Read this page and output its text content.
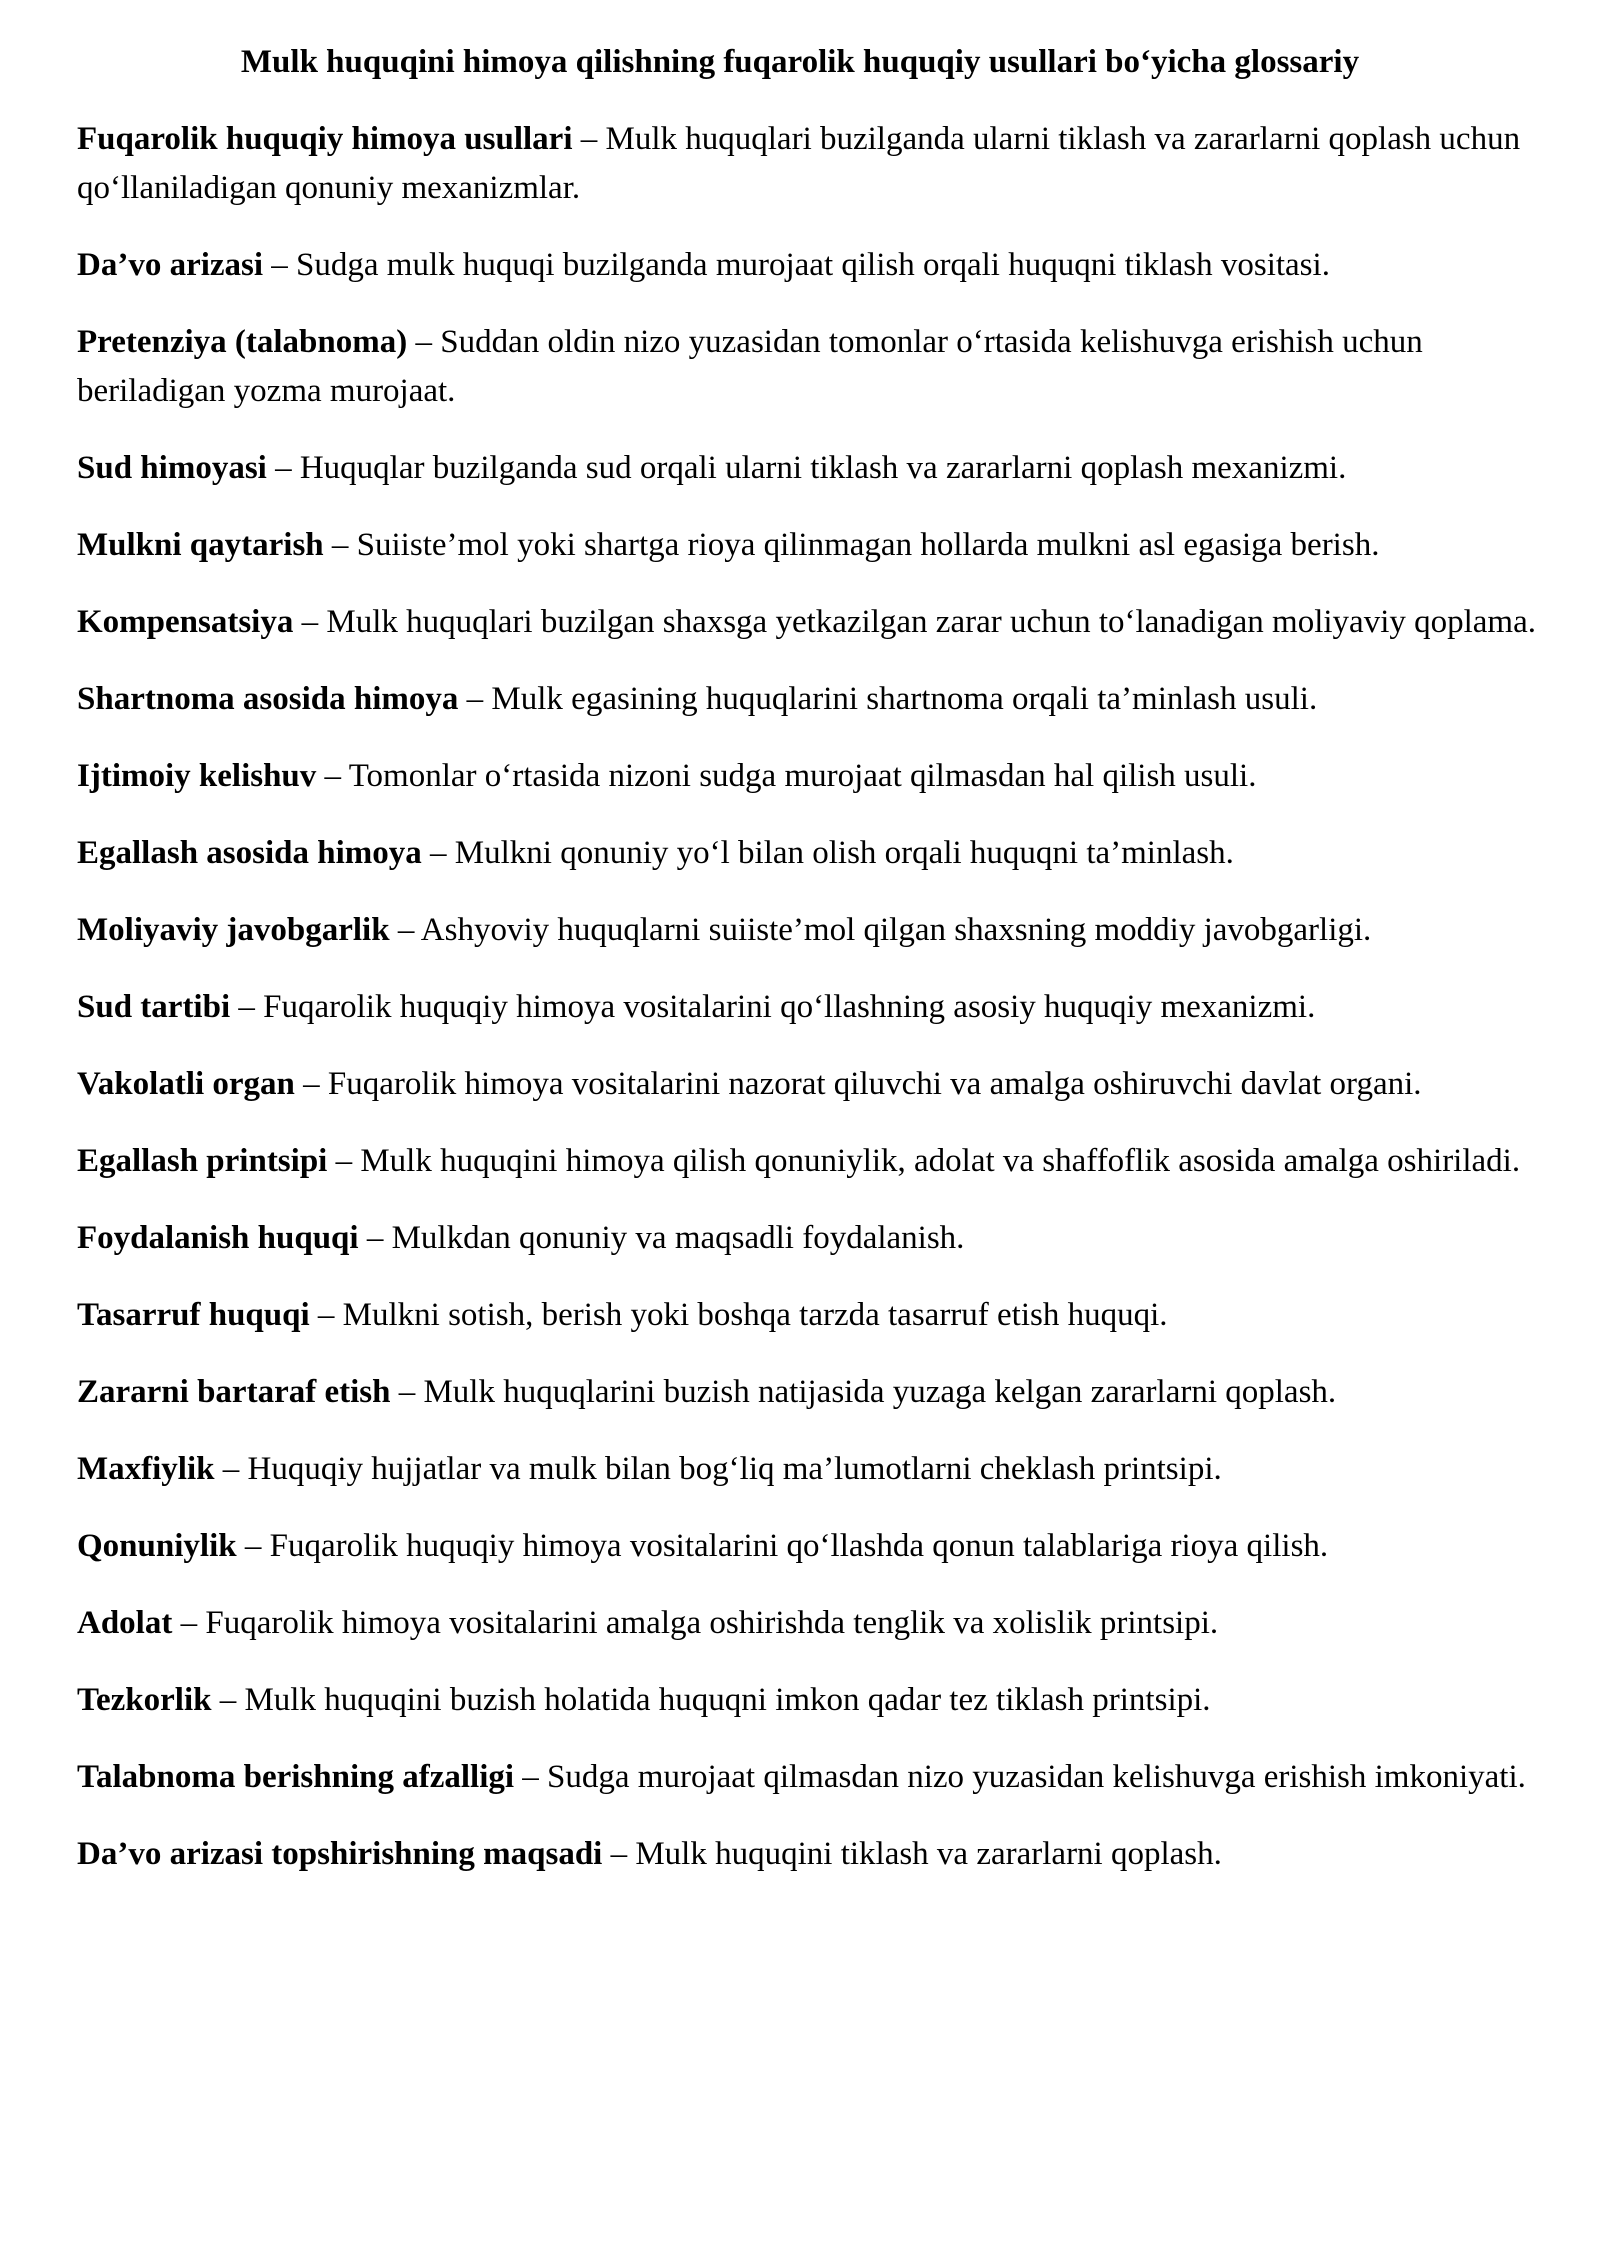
Mulk huquqini himoya qilishning fuqarolik huquqiy usullari bo‘yicha glossariy

Fuqarolik huquqiy himoya usullari – Mulk huquqlari buzilganda ularni tiklash va zararlarni qoplash uchun qo‘llaniladigan qonuniy mexanizmlar.

Da’vo arizasi – Sudga mulk huquqi buzilganda murojaat qilish orqali huquqni tiklash vositasi.

Pretenziya (talabnoma) – Suddan oldin nizo yuzasidan tomonlar o‘rtasida kelishuvga erishish uchun beriladigan yozma murojaat.

Sud himoyasi – Huquqlar buzilganda sud orqali ularni tiklash va zararlarni qoplash mexanizmi.

Mulkni qaytarish – Suiiste’mol yoki shartga rioya qilinmagan hollarda mulkni asl egasiga berish.

Kompensatsiya – Mulk huquqlari buzilgan shaxsga yetkazilgan zarar uchun to‘lanadigan moliyaviy qoplama.

Shartnoma asosida himoya – Mulk egasining huquqlarini shartnoma orqali ta’minlash usuli.

Ijtimoiy kelishuv – Tomonlar o‘rtasida nizoni sudga murojaat qilmasdan hal qilish usuli.

Egallash asosida himoya – Mulkni qonuniy yo‘l bilan olish orqali huquqni ta’minlash.

Moliyaviy javobgarlik – Ashyoviy huquqlarni suiiste’mol qilgan shaxsning moddiy javobgarligi.

Sud tartibi – Fuqarolik huquqiy himoya vositalarini qo‘llashning asosiy huquqiy mexanizmi.

Vakolatli organ – Fuqarolik himoya vositalarini nazorat qiluvchi va amalga oshiruvchi davlat organi.

Egallash printsipi – Mulk huquqini himoya qilish qonuniylik, adolat va shaffoflik asosida amalga oshiriladi.

Foydalanish huquqi – Mulkdan qonuniy va maqsadli foydalanish.

Tasarruf huquqi – Mulkni sotish, berish yoki boshqa tarzda tasarruf etish huquqi.

Zararni bartaraf etish – Mulk huquqlarini buzish natijasida yuzaga kelgan zararlarni qoplash.

Maxfiylik – Huquqiy hujjatlar va mulk bilan bog‘liq ma’lumotlarni cheklash printsipi.

Qonuniylik – Fuqarolik huquqiy himoya vositalarini qo‘llashda qonun talablariga rioya qilish.

Adolat – Fuqarolik himoya vositalarini amalga oshirishda tenglik va xolislik printsipi.

Tezkorlik – Mulk huquqini buzish holatida huquqni imkon qadar tez tiklash printsipi.

Talabnoma berishning afzalligi – Sudga murojaat qilmasdan nizo yuzasidan kelishuvga erishish imkoniyati.

Da’vo arizasi topshirishning maqsadi – Mulk huquqini tiklash va zararlarni qoplash.
